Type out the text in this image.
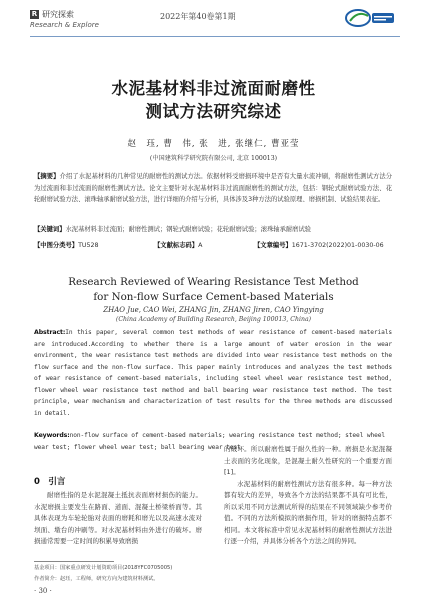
R 研究探索
Research & Explore
2022年第40卷第1期
水泥基材料非过流面耐磨性
测试方法研究综述
赵　珏, 曹　伟, 张　进, 张继仁, 曹亚莹
(中国建筑科学研究院有限公司, 北京 100013)
【摘要】介绍了水泥基材料的几种常见的耐磨性的测试方法。依据材料受磨损环境中是否有大量水流冲刷，将耐磨性测试方法分为过流面和非过流面的耐磨性测试方法。论文主要针对水泥基材料非过流面耐磨性的测试方法，包括：钢轮式耐磨试验方法、花轮耐磨试验方法、滚珠轴承耐磨试验方法，进行详细的介绍与分析，具体涉及3种方法的试验原理、磨损机制、试验结果表征。
【关键词】水泥基材料非过流面；耐磨性测试；钢轮式耐磨试验；花轮耐磨试验；滚珠轴承耐磨试验
【中图分类号】TU528	【文献标志码】A	【文章编号】1671-3702(2022)01-0030-06
Research Reviewed of Wearing Resistance Test Method
for Non-flow Surface Cement-based Materials
ZHAO Jue, CAO Wei, ZHANG Jin, ZHANG Jiren, CAO Yingying
(China Academy of Building Research, Beijing 100013, China)
Abstract:In this paper, several common test methods of wear resistance of cement-based materials are introduced.According to whether there is a large amount of water erosion in the wear environment, the wear resistance test methods are divided into wear resistance test methods on the flow surface and the non-flow surface. This paper mainly introduces and analyzes the test methods of wear resistance of cement-based materials, including steel wheel wear resistance test method, flower wheel wear resistance test method and ball bearing wear resistance test method. The test principle, wear mechanism and characterization of test results for the three methods are discussed in detail.
Keywords:non-flow surface of cement-based materials; wearing resistance test method; steel wheel wear test; flower wheel wear test; ball bearing wear test
0　引言

耐磨性指的是水泥混凝土抵抗表面磨材损伤的能力。水泥磨损主要发生在路面、道面、混凝土桥梁桥面等。其具体表现为车轮轮胎对表面的磨耗和磨光以及高速水流对坝面、墩台的冲刷等。对水泥基材料由外进行的破坏。磨损通常需要一定时间的积累导致磨损

的破坏。所以耐磨性属于耐久性的一种。磨损是水泥混凝土表面的劣化现象，是混凝土耐久性研究的一个重要方面[1]。

水泥基材料的耐磨性测试方法有很多种。每一种方法都有较大的差异，导致各个方法的结果都不具有可比性，所以采用不同方法测试所得的结果在不同领域缺少参考价值。不同的方法所模拟的磨损作用，针对的磨损特点都不相同。本文将标准中常见水泥基材料的耐磨性测试方法进行逐一介绍，并具体分析各个方法之间的异同。

基金项目：国家重点研发计划资助项目(2018YFC0705005)
作者简介：赵珏，工程师，研究方向为建筑材料测试。
· 30 ·
